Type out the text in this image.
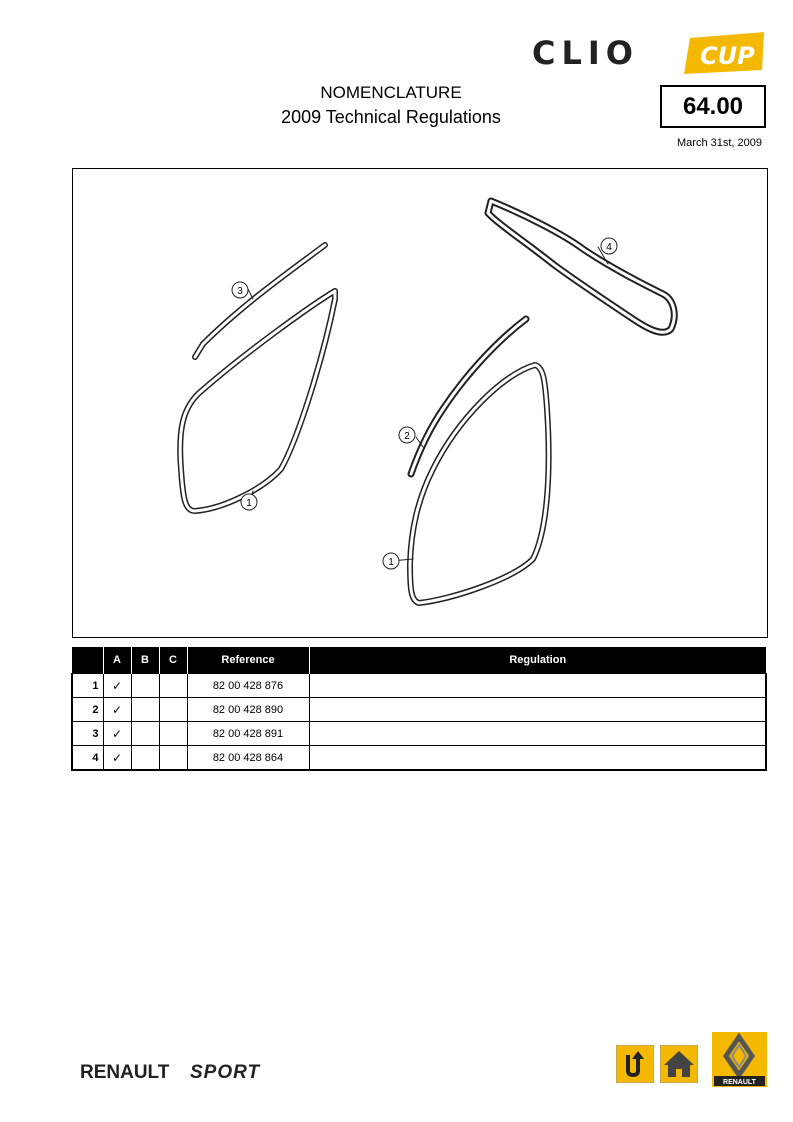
CLIO	CUP
NOMENCLATURE
2009 Technical Regulations	64.00
March 31st, 2009
1
1
2
3
4
	A	B	C	Reference	Regulation
1	✓			82 00 428 876	
2	✓			82 00 428 890	
3	✓			82 00 428 891	
4	✓			82 00 428 864	
RENAULT SPORT	RENAULT
